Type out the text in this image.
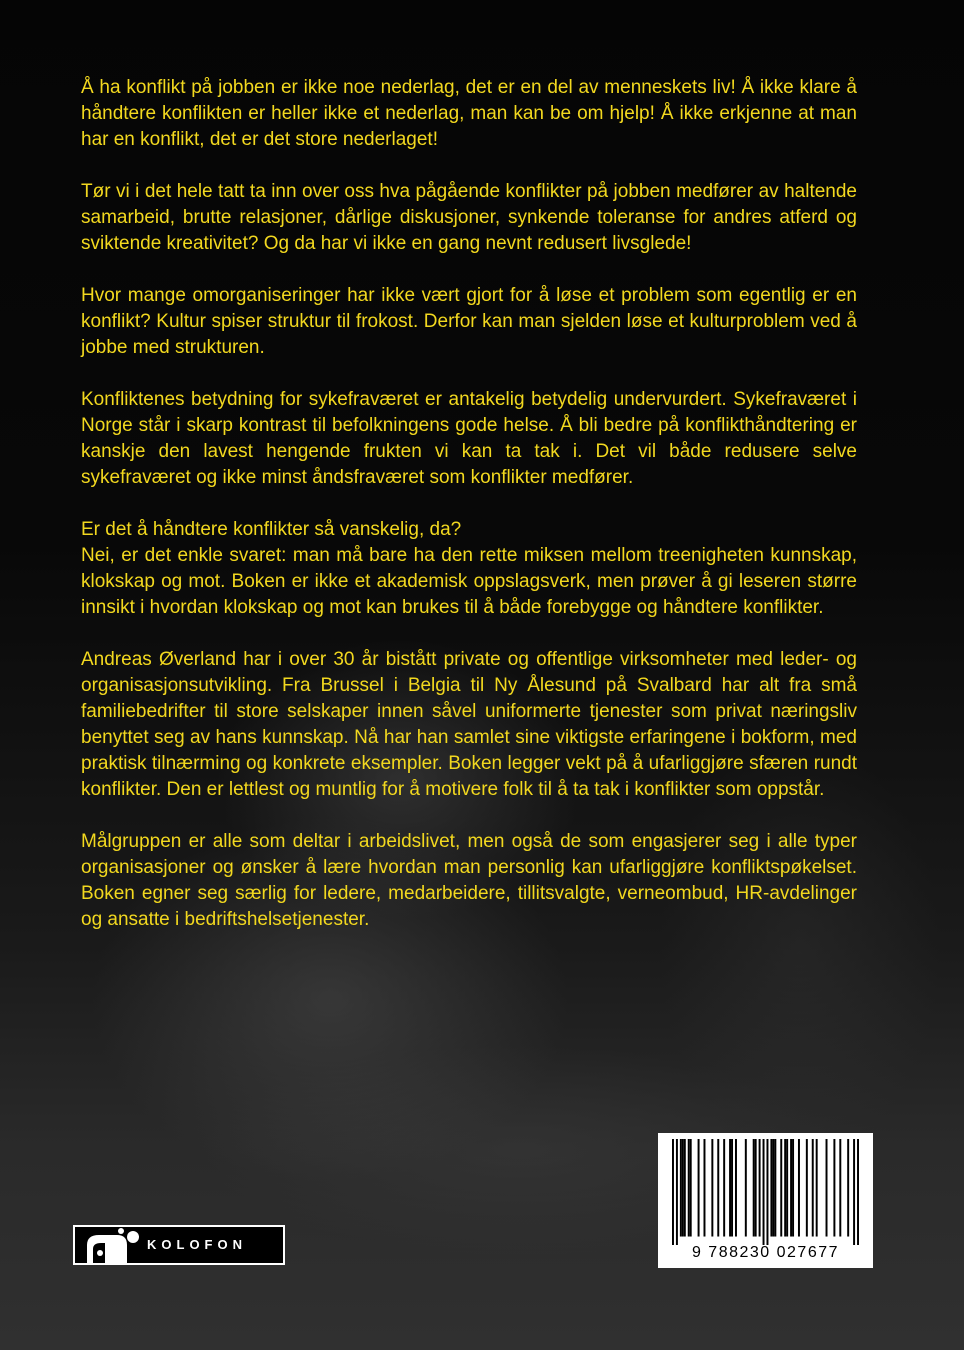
Å ha konflikt på jobben er ikke noe nederlag, det er en del av menneskets liv! Å ikke klare å håndtere konflikten er heller ikke et nederlag, man kan be om hjelp! Å ikke erkjenne at man har en konflikt, det er det store nederlaget!

Tør vi i det hele tatt ta inn over oss hva pågående konflikter på jobben medfører av haltende samarbeid, brutte relasjoner, dårlige diskusjoner, synkende toleranse for andres atferd og sviktende kreativitet? Og da har vi ikke en gang nevnt redusert livsglede!

Hvor mange omorganiseringer har ikke vært gjort for å løse et problem som egentlig er en konflikt? Kultur spiser struktur til frokost. Derfor kan man sjelden løse et kulturproblem ved å jobbe med strukturen.

Konfliktenes betydning for sykefraværet er antakelig betydelig undervurdert. Sykefraværet i Norge står i skarp kontrast til befolkningens gode helse. Å bli bedre på konflikthåndtering er kanskje den lavest hengende frukten vi kan ta tak i. Det vil både redusere selve sykefraværet og ikke minst åndsfraværet som konflikter medfører.

Er det å håndtere konflikter så vanskelig, da?
Nei, er det enkle svaret: man må bare ha den rette miksen mellom treenigheten kunnskap, klokskap og mot. Boken er ikke et akademisk oppslagsverk, men prøver å gi leseren større innsikt i hvordan klokskap og mot kan brukes til å både forebygge og håndtere konflikter.

Andreas Øverland har i over 30 år bistått private og offentlige virksomheter med leder- og organisasjonsutvikling. Fra Brussel i Belgia til Ny Ålesund på Svalbard har alt fra små familiebedrifter til store selskaper innen såvel uniformerte tjenester som privat næringsliv benyttet seg av hans kunnskap. Nå har han samlet sine viktigste erfaringene i bokform, med praktisk tilnærming og konkrete eksempler. Boken legger vekt på å ufarliggjøre sfæren rundt konflikter. Den er lettlest og muntlig for å motivere folk til å ta tak i konflikter som oppstår.

Målgruppen er alle som deltar i arbeidslivet, men også de som engasjerer seg i alle typer organisasjoner og ønsker å lære hvordan man personlig kan ufarliggjøre konfliktspøkelset. Boken egner seg særlig for ledere, medarbeidere, tillitsvalgte, verneombud, HR-avdelinger og ansatte i bedriftshelsetjenester.

KOLOFON	9 788230 027677
